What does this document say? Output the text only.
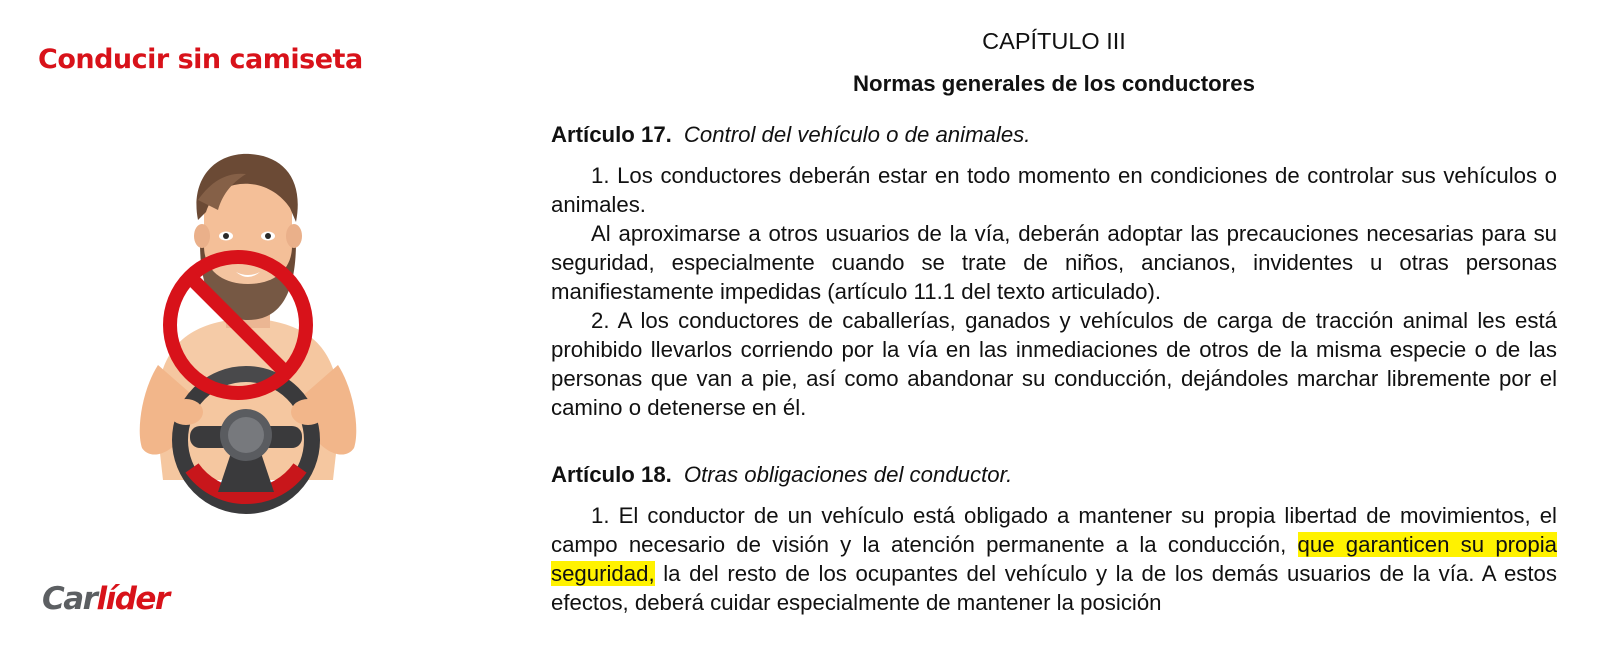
Conducir sin camiseta
Carlíder
CAPÍTULO III
Normas generales de los conductores
Artículo 17. Control del vehículo o de animales.

1. Los conductores deberán estar en todo momento en condiciones de controlar sus vehículos o animales.

Al aproximarse a otros usuarios de la vía, deberán adoptar las precauciones necesarias para su seguridad, especialmente cuando se trate de niños, ancianos, invidentes u otras personas manifiestamente impedidas (artículo 11.1 del texto articulado).

2. A los conductores de caballerías, ganados y vehículos de carga de tracción animal les está prohibido llevarlos corriendo por la vía en las inmediaciones de otros de la misma especie o de las personas que van a pie, así como abandonar su conducción, dejándoles marchar libremente por el camino o detenerse en él.

Artículo 18. Otras obligaciones del conductor.

1. El conductor de un vehículo está obligado a mantener su propia libertad de movimientos, el campo necesario de visión y la atención permanente a la conducción, que garanticen su propia seguridad, la del resto de los ocupantes del vehículo y la de los demás usuarios de la vía. A estos efectos, deberá cuidar especialmente de mantener la posición
